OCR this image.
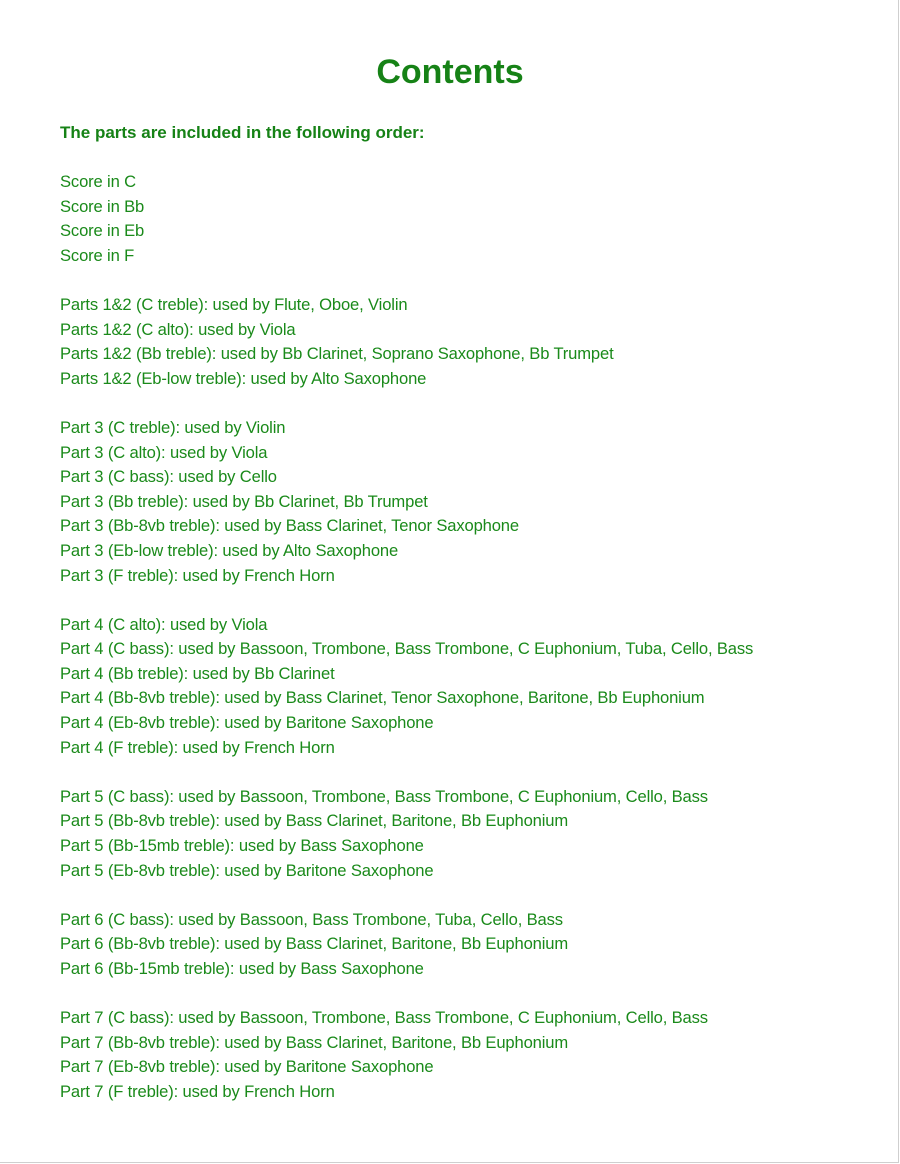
Contents
The parts are included in the following order:
Score in C
Score in Bb
Score in Eb
Score in F
Parts 1&2 (C treble): used by Flute, Oboe, Violin
Parts 1&2 (C alto): used by Viola
Parts 1&2 (Bb treble): used by Bb Clarinet, Soprano Saxophone, Bb Trumpet
Parts 1&2 (Eb-low treble): used by Alto Saxophone
Part 3 (C treble): used by Violin
Part 3 (C alto): used by Viola
Part 3 (C bass): used by Cello
Part 3 (Bb treble): used by Bb Clarinet, Bb Trumpet
Part 3 (Bb-8vb treble): used by Bass Clarinet, Tenor Saxophone
Part 3 (Eb-low treble): used by Alto Saxophone
Part 3 (F treble): used by French Horn
Part 4 (C alto): used by Viola
Part 4 (C bass): used by Bassoon, Trombone, Bass Trombone, C Euphonium, Tuba, Cello, Bass
Part 4 (Bb treble): used by Bb Clarinet
Part 4 (Bb-8vb treble): used by Bass Clarinet, Tenor Saxophone, Baritone, Bb Euphonium
Part 4 (Eb-8vb treble): used by Baritone Saxophone
Part 4 (F treble): used by French Horn
Part 5 (C bass): used by Bassoon, Trombone, Bass Trombone, C Euphonium, Cello, Bass
Part 5 (Bb-8vb treble): used by Bass Clarinet, Baritone, Bb Euphonium
Part 5 (Bb-15mb treble): used by Bass Saxophone
Part 5 (Eb-8vb treble): used by Baritone Saxophone
Part 6 (C bass): used by Bassoon, Bass Trombone, Tuba, Cello, Bass
Part 6 (Bb-8vb treble): used by Bass Clarinet, Baritone, Bb Euphonium
Part 6 (Bb-15mb treble): used by Bass Saxophone
Part 7 (C bass): used by Bassoon, Trombone, Bass Trombone, C Euphonium, Cello, Bass
Part 7 (Bb-8vb treble): used by Bass Clarinet, Baritone, Bb Euphonium
Part 7 (Eb-8vb treble): used by Baritone Saxophone
Part 7 (F treble): used by French Horn
